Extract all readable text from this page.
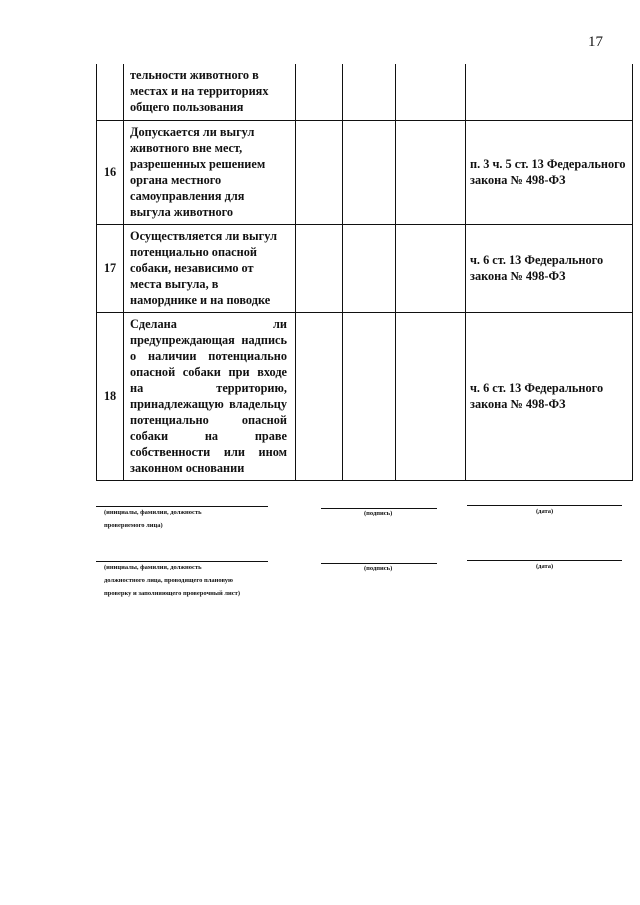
17
	тельности животного в местах и на территориях общего пользования				
16	Допускается ли выгул животного вне мест, разрешенных решением органа местного самоуправления для выгула животного				п. 3 ч. 5 ст. 13 Федерального закона № 498-ФЗ
17	Осуществляется ли выгул потенциально опасной собаки, независимо от места выгула, в наморднике и на поводке				ч. 6 ст. 13 Федерального закона № 498-ФЗ
18	Сделана ли предупреждающая надпись о наличии потенциально опасной собаки при входе на территорию, принадлежащую владельцу потенциально опасной собаки на праве собственности или ином законном основании				ч. 6 ст. 13 Федерального закона № 498-ФЗ
(инициалы, фамилия, должность
проверяемого лица)
(подпись)	(дата)
(инициалы, фамилия, должность
должностного лица, проводящего плановую
проверку и заполняющего проверочный лист)
(подпись)	(дата)
